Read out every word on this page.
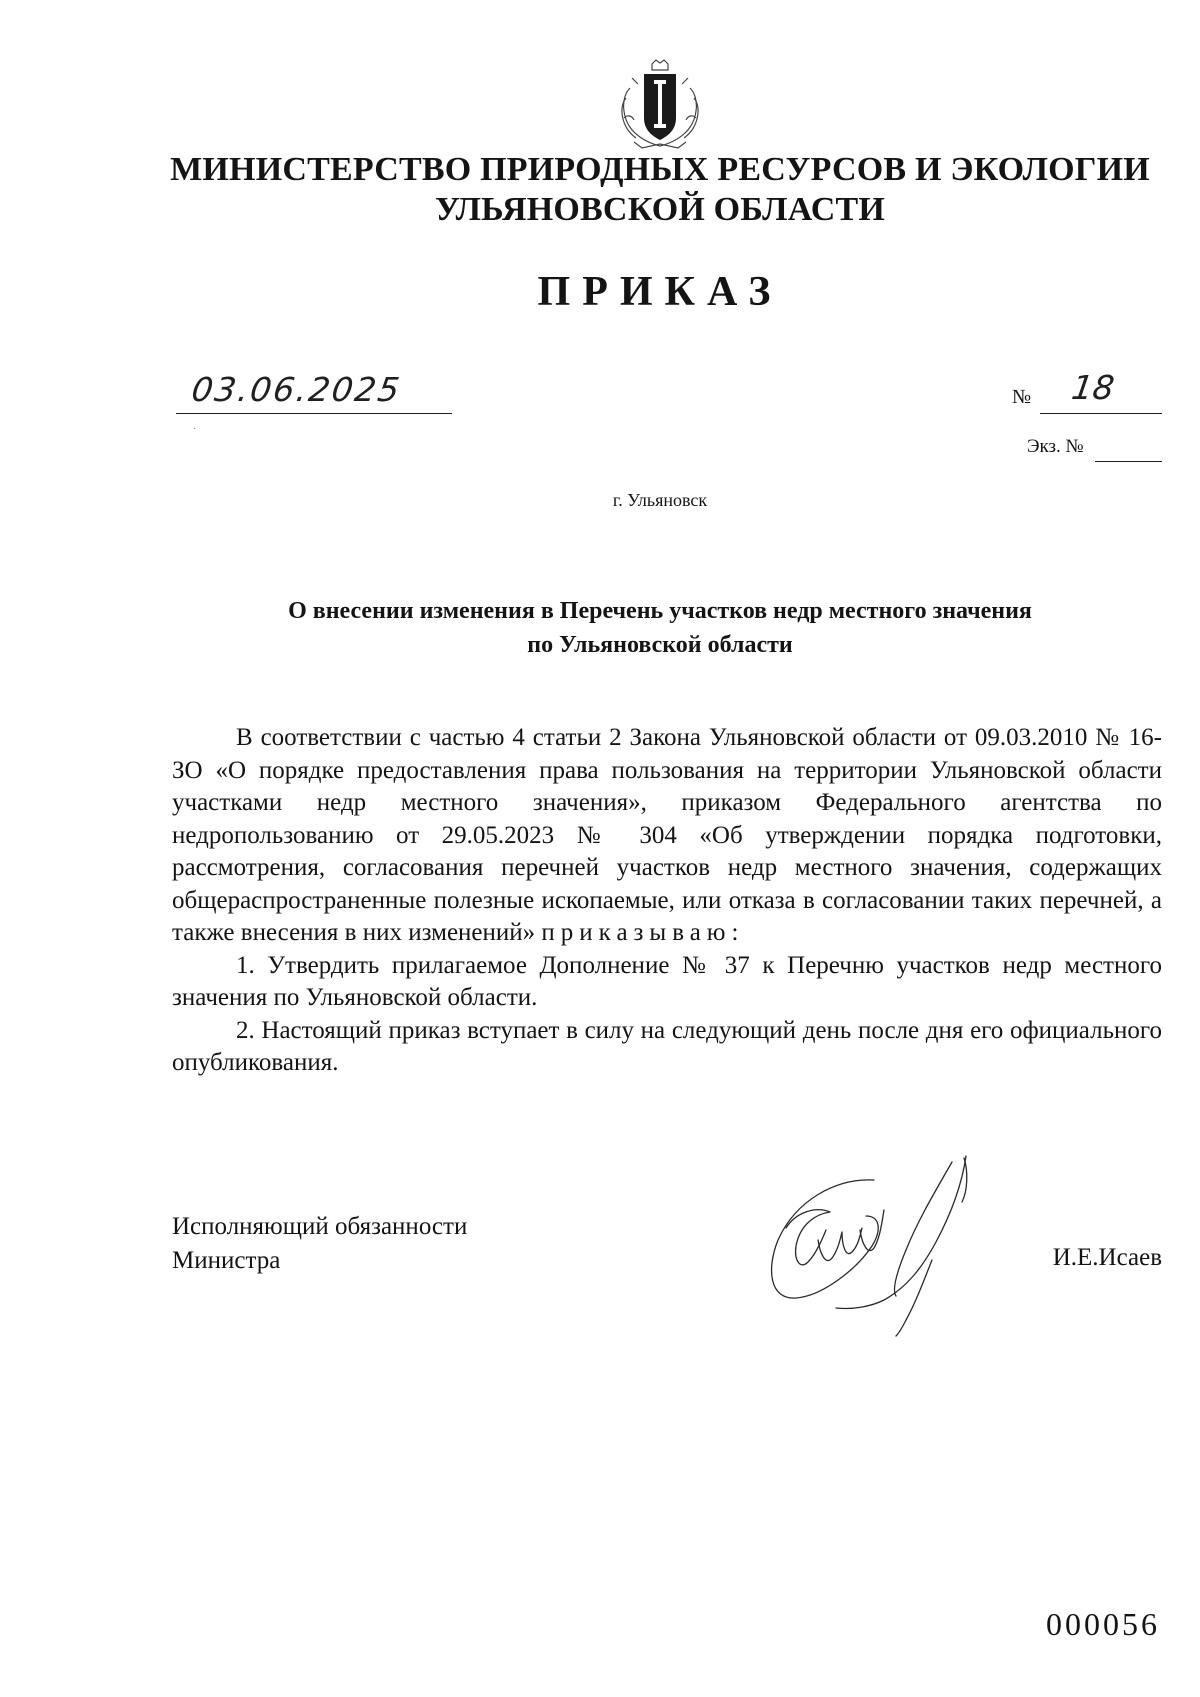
МИНИСТЕРСТВО ПРИРОДНЫХ РЕСУРСОВ И ЭКОЛОГИИ
УЛЬЯНОВСКОЙ ОБЛАСТИ
ПРИКАЗ
03.06.2025	№ 18
Экз. №
г. Ульяновск
О внесении изменения в Перечень участков недр местного значения
по Ульяновской области

В соответствии с частью 4 статьи 2 Закона Ульяновской области от 09.03.2010 № 16-ЗО «О порядке предоставления права пользования на территории Ульяновской области участками недр местного значения», приказом Федерального агентства по недропользованию от 29.05.2023 № 304 «Об утверждении порядка подготовки, рассмотрения, согласования перечней участков недр местного значения, содержащих общераспространенные полезные ископаемые, или отказа в согласовании таких перечней, а также внесения в них изменений» приказываю:

1. Утвердить прилагаемое Дополнение № 37 к Перечню участков недр местного значения по Ульяновской области.

2. Настоящий приказ вступает в силу на следующий день после дня его официального опубликования.

Исполняющий обязанности
Министра	И.Е.Исаев
000056
